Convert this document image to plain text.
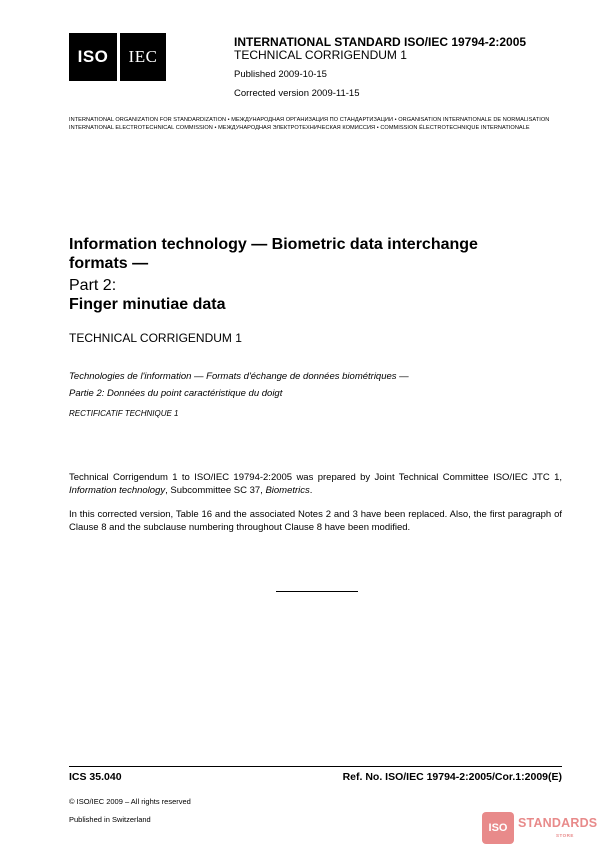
ISO IEC
INTERNATIONAL STANDARD ISO/IEC 19794-2:2005
TECHNICAL CORRIGENDUM 1
Published 2009-10-15
Corrected version 2009-11-15
INTERNATIONAL ORGANIZATION FOR STANDARDIZATION • МЕЖДУНАРОДНАЯ ОРГАНИЗАЦИЯ ПО СТАНДАРТИЗАЦИИ • ORGANISATION INTERNATIONALE DE NORMALISATION
INTERNATIONAL ELECTROTECHNICAL COMMISSION • МЕЖДУНАРОДНАЯ ЭЛЕКТРОТЕХНИЧЕСКАЯ КОМИССИЯ • COMMISSION ÉLECTROTECHNIQUE INTERNATIONALE
Information technology — Biometric data interchange formats —
Part 2:
Finger minutiae data
TECHNICAL CORRIGENDUM 1
Technologies de l'information — Formats d'échange de données biométriques —
Partie 2: Données du point caractéristique du doigt
RECTIFICATIF TECHNIQUE 1
Technical Corrigendum 1 to ISO/IEC 19794-2:2005 was prepared by Joint Technical Committee ISO/IEC JTC 1, Information technology, Subcommittee SC 37, Biometrics.
In this corrected version, Table 16 and the associated Notes 2 and 3 have been replaced. Also, the first paragraph of Clause 8 and the subclause numbering throughout Clause 8 have been modified.
ICS 35.040	Ref. No. ISO/IEC 19794-2:2005/Cor.1:2009(E)
© ISO/IEC 2009 – All rights reserved
Published in Switzerland
ISO STANDARDS
STORE
